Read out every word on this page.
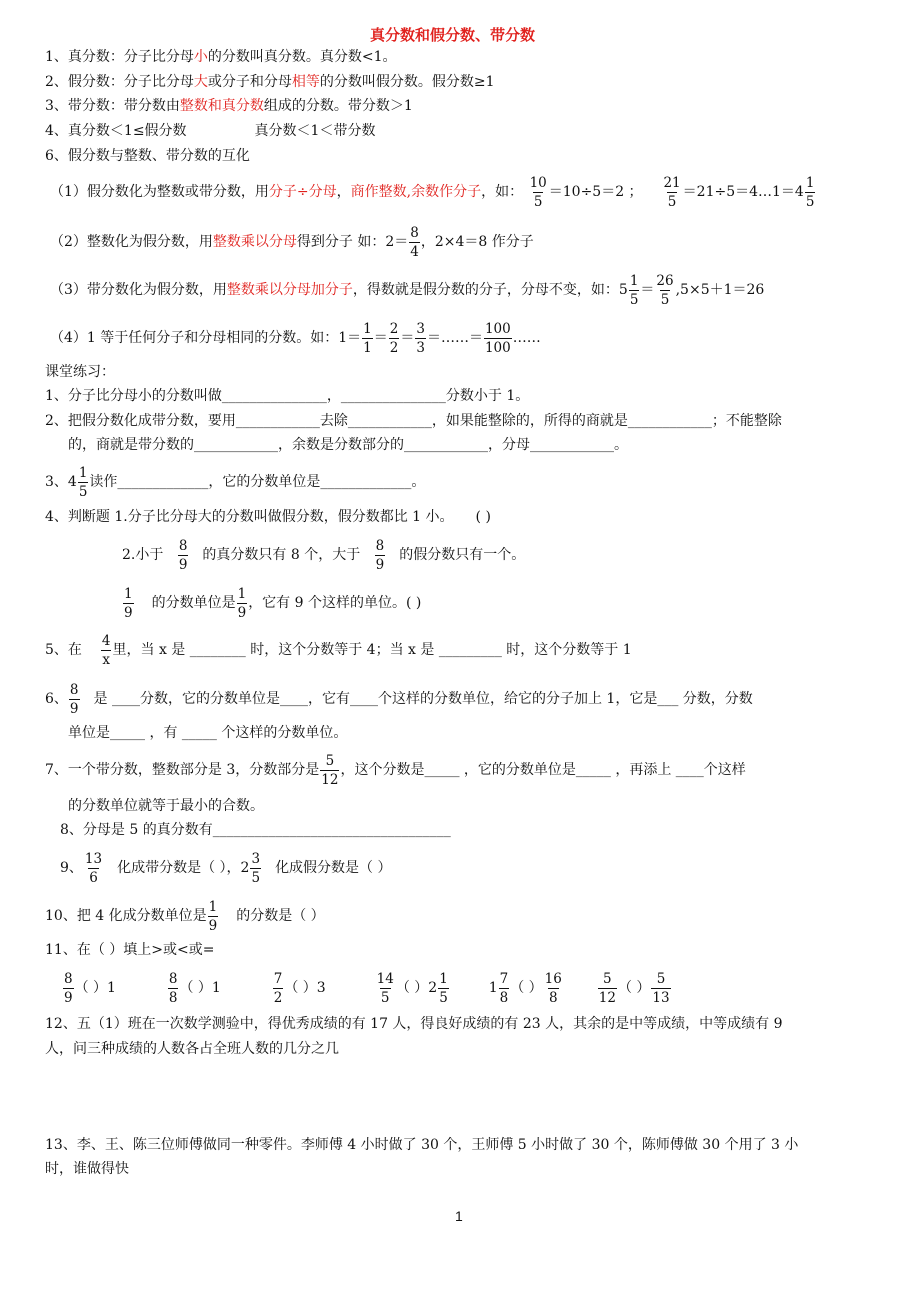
真分数和假分数、带分数
1、真分数：分子比分母小的分数叫真分数。真分数<1。
2、假分数：分子比分母大或分子和分母相等的分数叫假分数。假分数≥1
3、带分数：带分数由整数和真分数组成的分数。带分数＞1
4、真分数＜1≤假分数	真分数＜1＜带分数
6、假分数与整数、带分数的互化
（1）假分数化为整数或带分数，用分子÷分母，商作整数,余数作分子，如： $\frac{10}{5} =10\div 5=2$ ； $\frac{21}{5}$ ＝21÷5＝4…1＝4 $\frac{1}{5}$
（2）整数化为假分数，用整数乘以分母得到分子 如：$2= \frac{8}{4}$ ，2×4＝8 作分子
（3）带分数化为假分数，用整数乘以分母加分子，得数就是假分数的分子，分母不变，如：$5 \frac{1}{5} = \frac{26}{5} ,5\times 5+1=26$
（4）1 等于任何分子和分母相同的分数。如：$1= \frac{1}{1} = \frac{2}{2} = \frac{3}{3}$ ＝……＝ $\frac{100}{100}$ ……
课堂练习：
1、分子比分母小的分数叫做_______________，_______________分数小于 1。
2、把假分数化成带分数，要用____________去除____________，如果能整除的，所得的商就是____________；不能整除
的，商就是带分数的____________，余数是分数部分的____________，分母____________。
3、$4 \frac{1}{5}$ 读作_____________，它的分数单位是_____________。
4、判断题 1.分子比分母大的分数叫做假分数，假分数都比 1 小。 ( )
2.小于 $\frac{8}{9}$ 的真分数只有 8 个，大于 $\frac{8}{9}$ 的假分数只有一个。
$\frac{1}{9}$ 的分数单位是 $\frac{1}{9}$ ，它有 9 个这样的单位。( )
5、在 $\frac{4}{x}$ 里，当 x 是 ________ 时，这个分数等于 4；当 x 是 _________ 时，这个分数等于 1
6、 $\frac{8}{9}$ 是 ____分数，它的分数单位是____，它有____个这样的分数单位，给它的分子加上 1，它是___ 分数，分数
单位是_____ ，有 _____ 个这样的分数单位。
7、一个带分数，整数部分是 3，分数部分是 $\frac{5}{12}$ ，这个分数是_____ ，它的分数单位是_____ ，再添上 ____个这样
的分数单位就等于最小的合数。
8、分母是 5 的真分数有__________________________________
9、 $\frac{13}{6}$ 化成带分数是（ ），$2 \frac{3}{5}$ 化成假分数是（ ）
10、把 4 化成分数单位是 $\frac{1}{9}$ 的分数是（ ）
11、在（ ）填上>或<或=
$\frac{8}{9}$ （ ）1	$\frac{8}{8}$ （ ）1	$\frac{7}{2}$ （ ）3	$\frac{14}{5}$ （ ）$2 \frac{1}{5}$	$1 \frac{7}{8}$ （ ） $\frac{16}{8}$
	$\frac{5}{12}$ （ ） $\frac{5}{13}$
12、五（1）班在一次数学测验中，得优秀成绩的有 17 人，得良好成绩的有 23 人，其余的是中等成绩，中等成绩有 9
人，问三种成绩的人数各占全班人数的几分之几
13、李、王、陈三位师傅做同一种零件。李师傅 4 小时做了 30 个，王师傅 5 小时做了 30 个，陈师傅做 30 个用了 3 小
时，谁做得快
1
